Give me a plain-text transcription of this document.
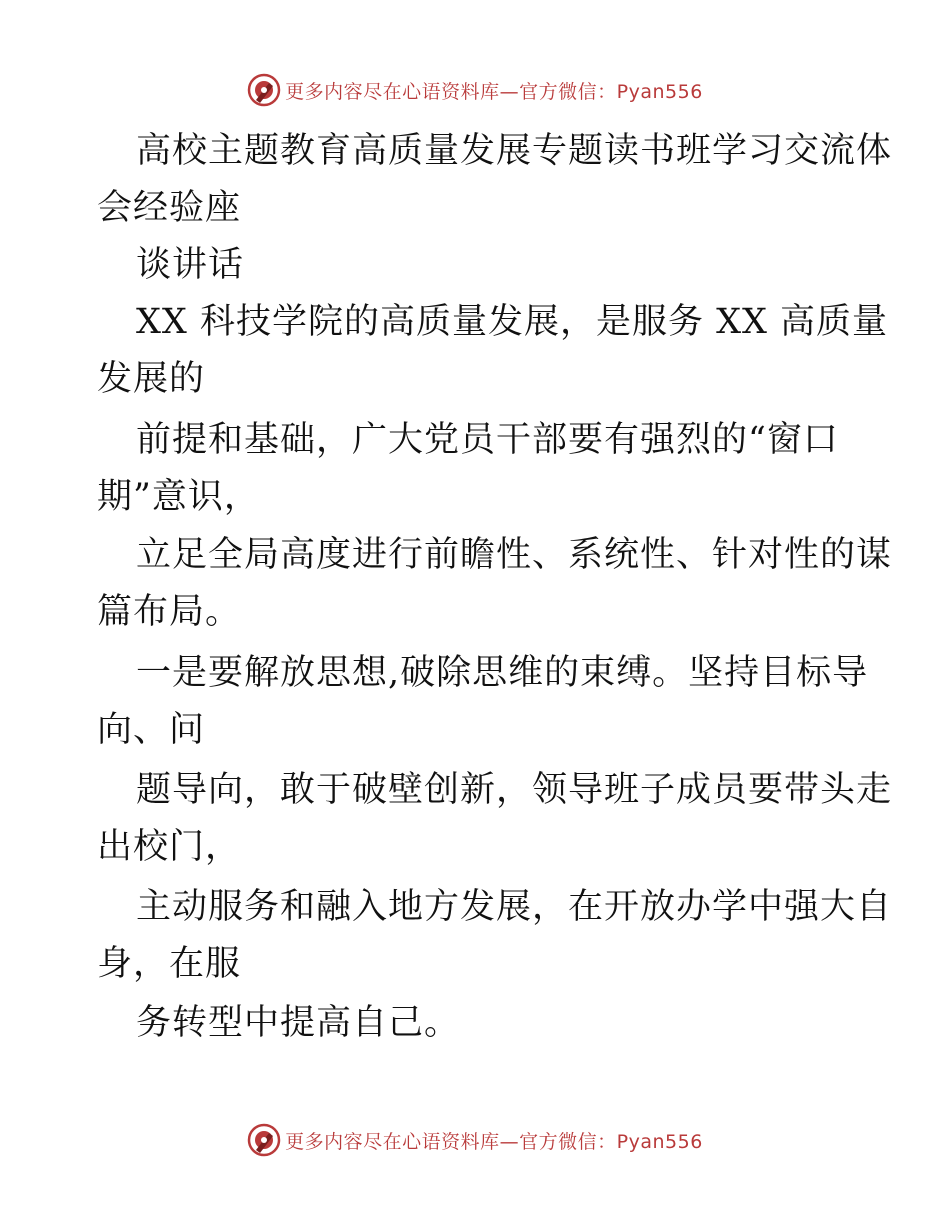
更多内容尽在心语资料库—官方微信：Pyan556
高校主题教育高质量发展专题读书班学习交流体
会经验座
谈讲话
XX 科技学院的高质量发展，是服务 XX 高质量
发展的
前提和基础，广大党员干部要有强烈的“窗口
期”意识，
立足全局高度进行前瞻性、系统性、针对性的谋
篇布局。
一是要解放思想,破除思维的束缚。坚持目标导
向、问
题导向，敢于破壁创新，领导班子成员要带头走
出校门，
主动服务和融入地方发展，在开放办学中强大自
身，在服
务转型中提高自己。
更多内容尽在心语资料库—官方微信：Pyan556
